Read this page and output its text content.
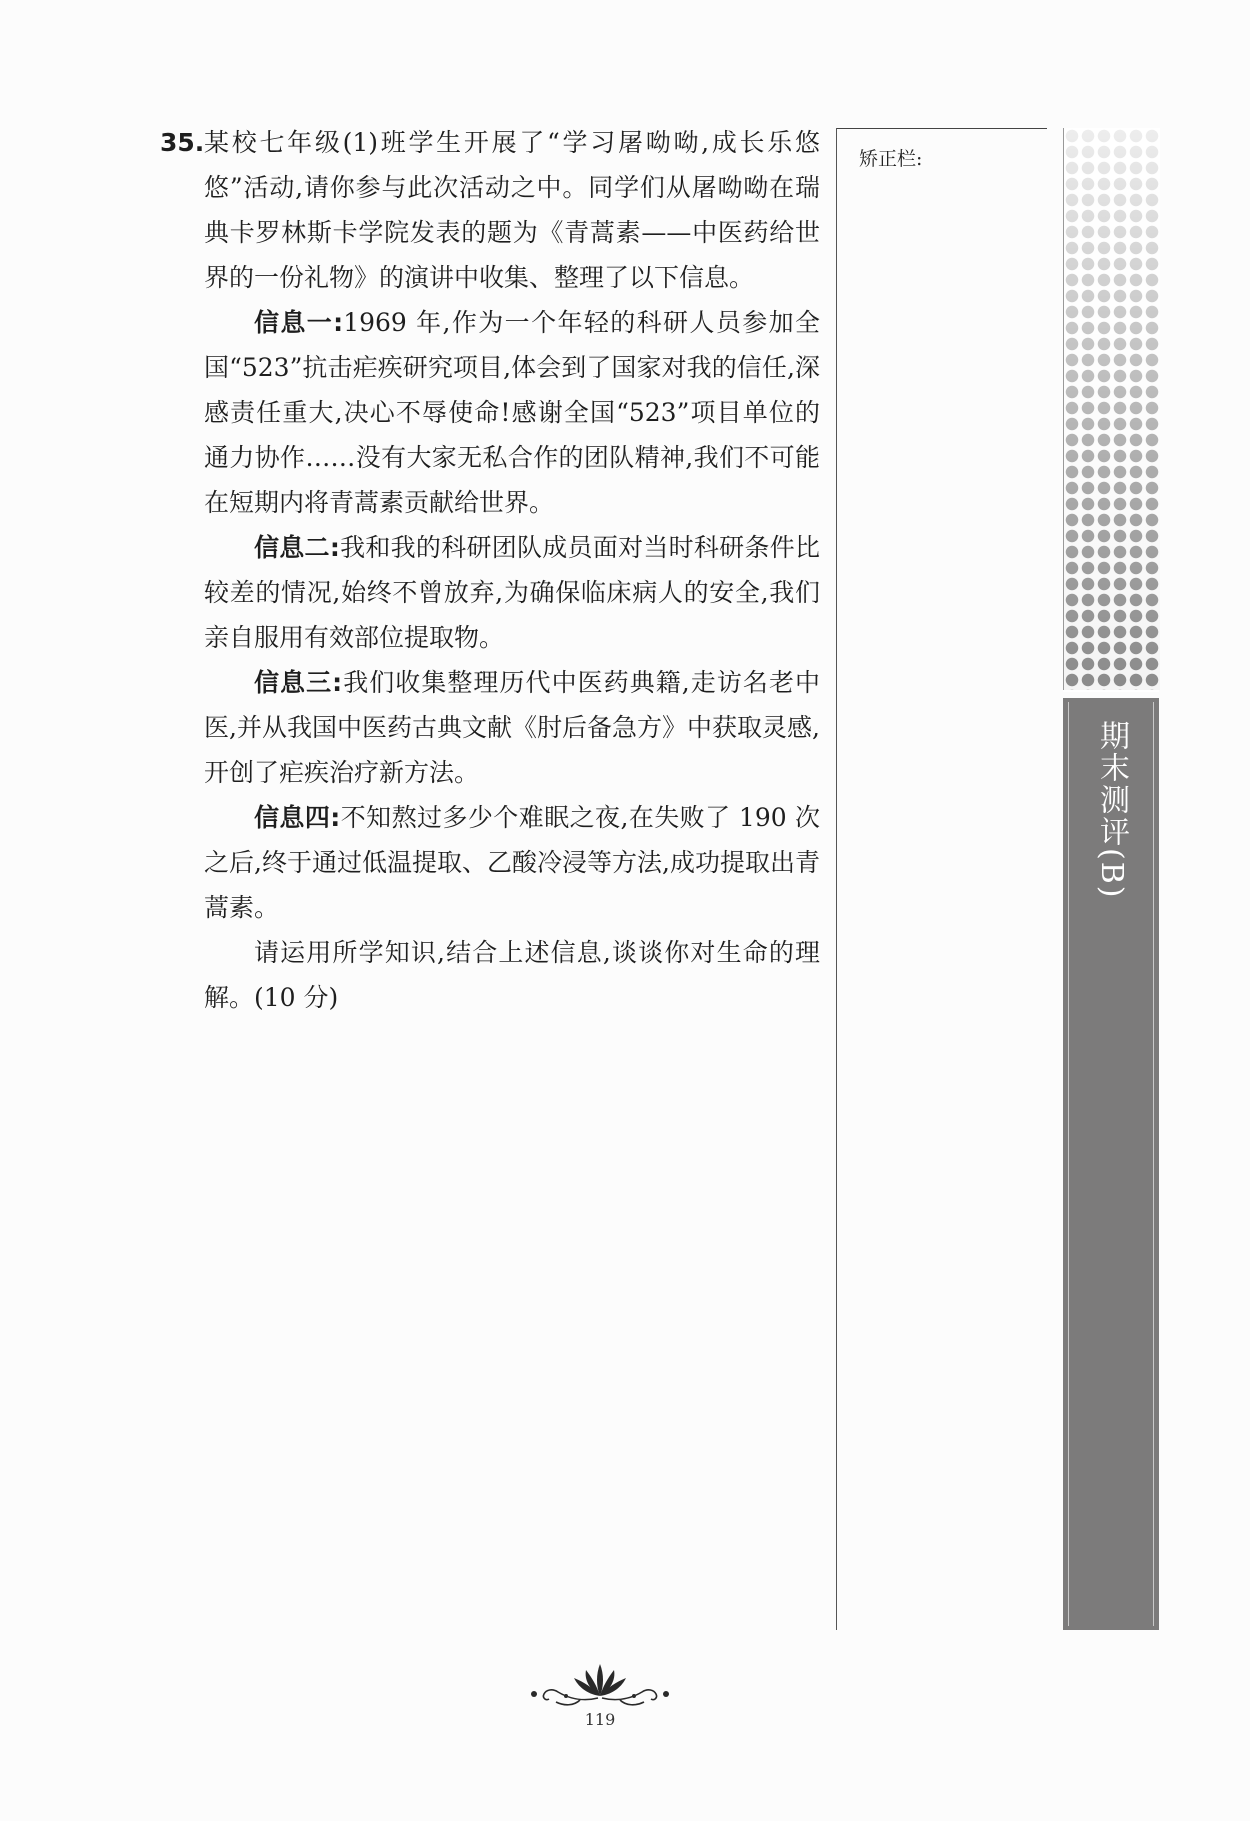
35. 某校七年级(1)班学生开展了“学习屠呦呦,成长乐悠悠”活动,请你参与此次活动之中。同学们从屠呦呦在瑞典卡罗林斯卡学院发表的题为《青蒿素——中医药给世界的一份礼物》的演讲中收集、整理了以下信息。

信息一:1969 年,作为一个年轻的科研人员参加全国“523”抗击疟疾研究项目,体会到了国家对我的信任,深感责任重大,决心不辱使命!感谢全国“523”项目单位的通力协作……没有大家无私合作的团队精神,我们不可能在短期内将青蒿素贡献给世界。

信息二:我和我的科研团队成员面对当时科研条件比较差的情况,始终不曾放弃,为确保临床病人的安全,我们亲自服用有效部位提取物。

信息三:我们收集整理历代中医药典籍,走访名老中医,并从我国中医药古典文献《肘后备急方》中获取灵感,开创了疟疾治疗新方法。

信息四:不知熬过多少个难眠之夜,在失败了 190 次之后,终于通过低温提取、乙酸冷浸等方法,成功提取出青蒿素。

请运用所学知识,结合上述信息,谈谈你对生命的理解。(10 分)

矫正栏:
期末测评(B)
119
